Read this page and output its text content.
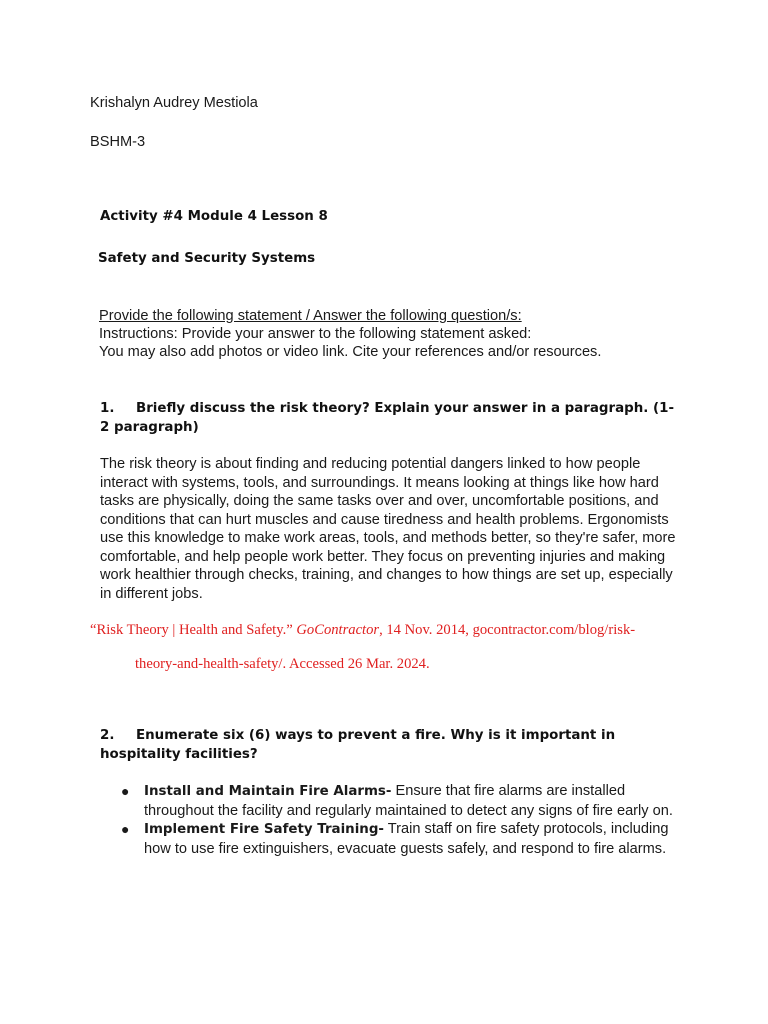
Krishalyn Audrey Mestiola
BSHM-3
Activity #4 Module 4 Lesson 8
Safety and Security Systems
Provide the following statement / Answer the following question/s:
Instructions: Provide your answer to the following statement asked:
You may also add photos or video link. Cite your references and/or resources.
1. Briefly discuss the risk theory? Explain your answer in a paragraph. (1-2 paragraph)
The risk theory is about finding and reducing potential dangers linked to how people interact with systems, tools, and surroundings. It means looking at things like how hard tasks are physically, doing the same tasks over and over, uncomfortable positions, and conditions that can hurt muscles and cause tiredness and health problems. Ergonomists use this knowledge to make work areas, tools, and methods better, so they're safer, more comfortable, and help people work better. They focus on preventing injuries and making work healthier through checks, training, and changes to how things are set up, especially in different jobs.
“Risk Theory | Health and Safety.” GoContractor, 14 Nov. 2014, gocontractor.com/blog/risk-
theory-and-health-safety/. Accessed 26 Mar. 2024.
2. Enumerate six (6) ways to prevent a fire. Why is it important in hospitality facilities?
● Install and Maintain Fire Alarms- Ensure that fire alarms are installed throughout the facility and regularly maintained to detect any signs of fire early on.
● Implement Fire Safety Training- Train staff on fire safety protocols, including how to use fire extinguishers, evacuate guests safely, and respond to fire alarms.
